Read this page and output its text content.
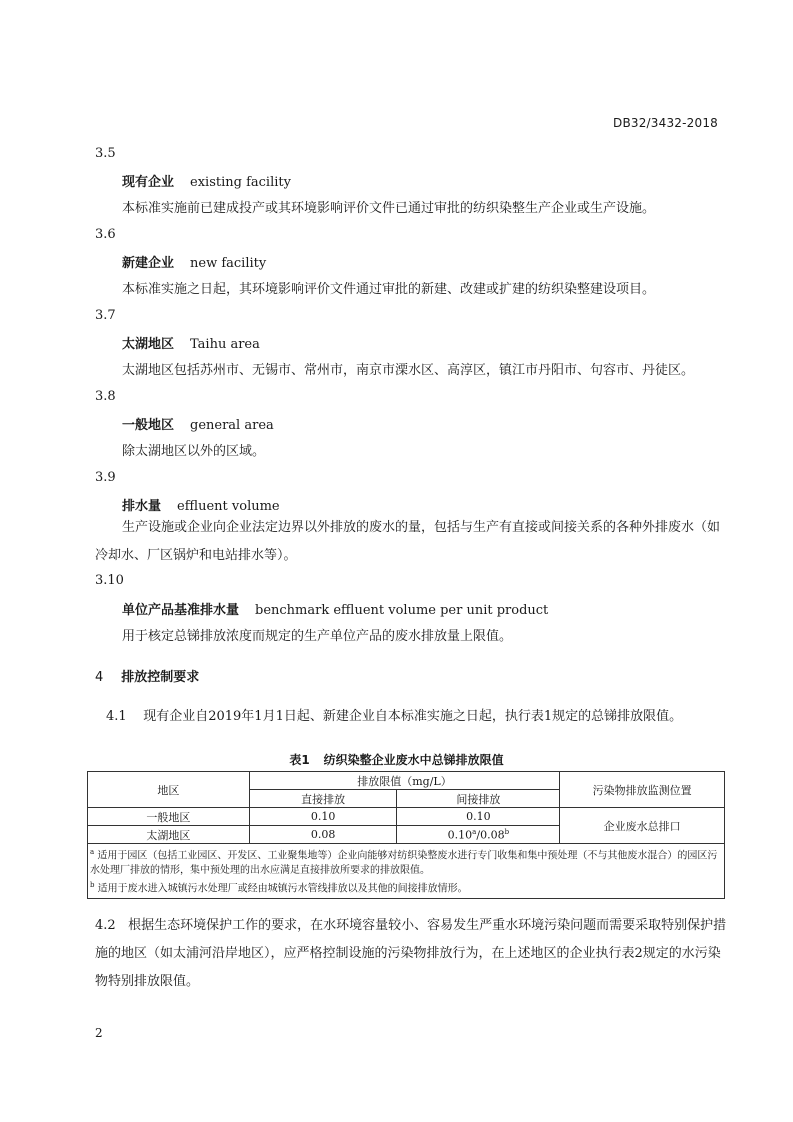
DB32/3432-2018
3.5
现有企业 existing facility
本标准实施前已建成投产或其环境影响评价文件已通过审批的纺织染整生产企业或生产设施。
3.6
新建企业 new facility
本标准实施之日起，其环境影响评价文件通过审批的新建、改建或扩建的纺织染整建设项目。
3.7
太湖地区 Taihu area
太湖地区包括苏州市、无锡市、常州市，南京市溧水区、高淳区，镇江市丹阳市、句容市、丹徒区。
3.8
一般地区 general area
除太湖地区以外的区域。
3.9
排水量 effluent volume
生产设施或企业向企业法定边界以外排放的废水的量，包括与生产有直接或间接关系的各种外排废水（如冷却水、厂区锅炉和电站排水等）。
3.10
单位产品基准排水量 benchmark effluent volume per unit product
用于核定总锑排放浓度而规定的生产单位产品的废水排放量上限值。
4 排放控制要求
4.1 现有企业自2019年1月1日起、新建企业自本标准实施之日起，执行表1规定的总锑排放限值。
表1 纺织染整企业废水中总锑排放限值
地区	排放限值（mg/L）		污染物排放监测位置
	直接排放	间接排放	
一般地区	0.10	0.10	企业废水总排口
太湖地区	0.08	0.10$^a$/0.08$^b$

$^a$ 适用于园区（包括工业园区、开发区、工业聚集地等）企业向能够对纺织染整废水进行专门收集和集中预处理（不与其他废水混合）的园区污水处理厂排放的情形，集中预处理的出水应满足直接排放所要求的排放限值。
$^b$ 适用于废水进入城镇污水处理厂或经由城镇污水管线排放以及其他的间接排放情形。			
4.2 根据生态环境保护工作的要求，在水环境容量较小、容易发生严重水环境污染问题而需要采取特别保护措施的地区（如太浦河沿岸地区），应严格控制设施的污染物排放行为，在上述地区的企业执行表2规定的水污染物特别排放限值。
2
